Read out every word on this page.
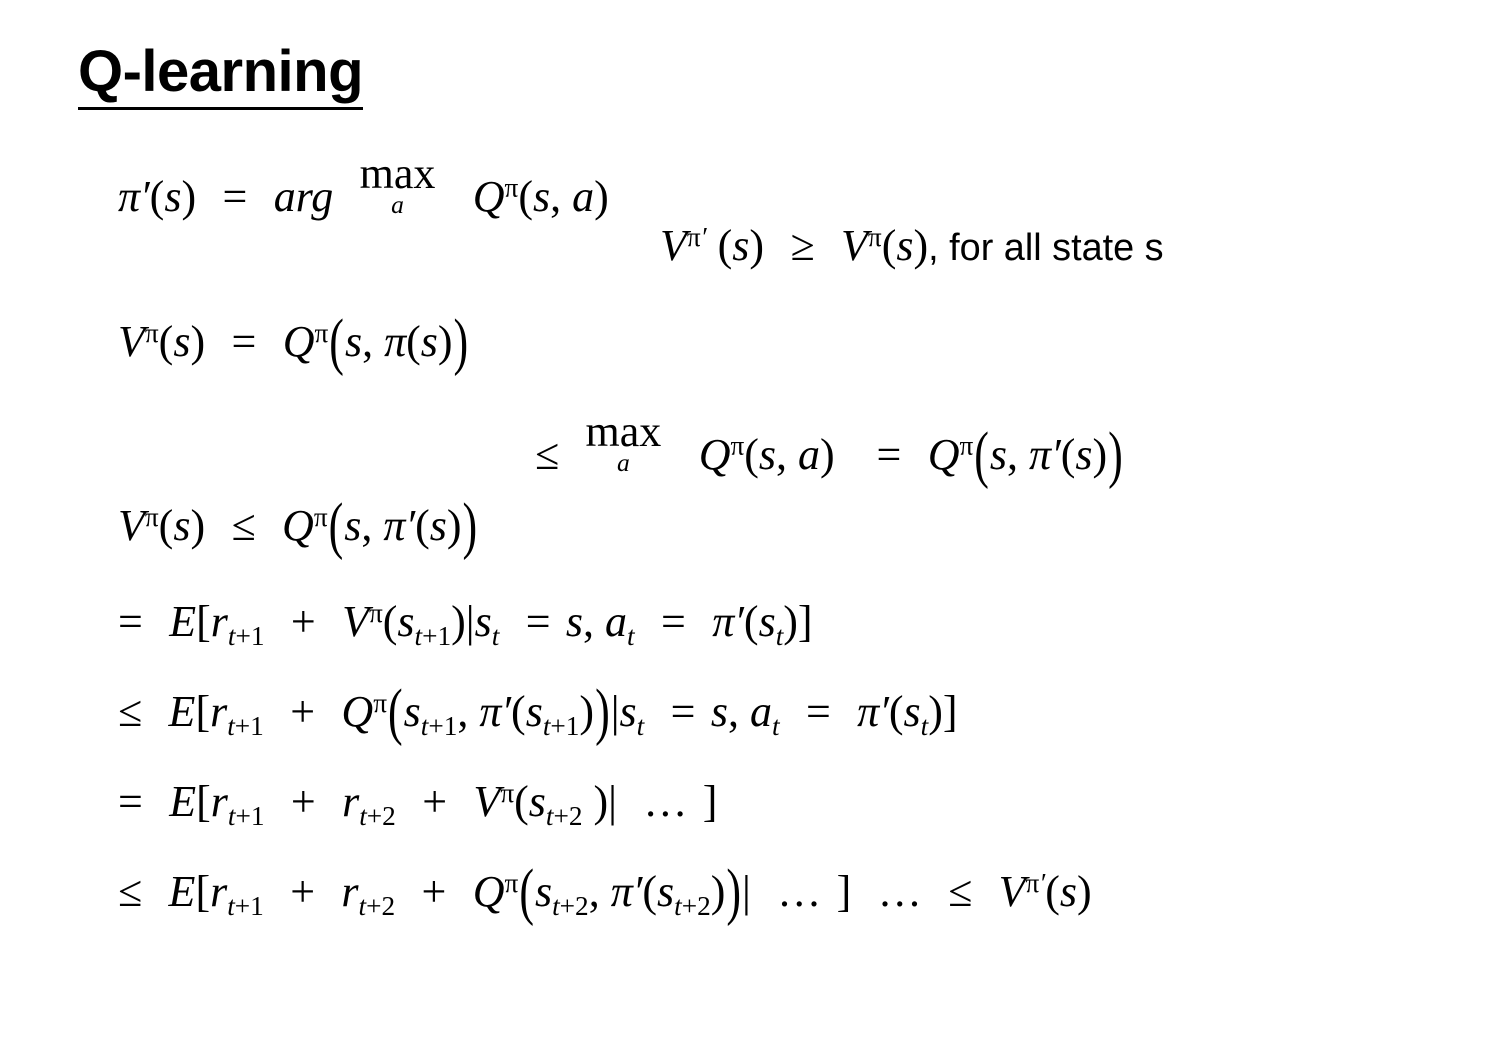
Q-learning
π′(s) = arg max
a	$Q^\pi(s$, a)
$V^{\pi'}$ $(s) \ge V^\pi(s)$, for all state s
$V^\pi(s) = Q^\pi(s$, π(s))
≤ max
a	$Q^\pi(s$, $a) = Q^\pi(s$, π′(s))
$V^\pi(s) \le Q^\pi(s$, π′(s))
= $E[r_{t+1} + V^\pi(s_{t+1})|s_t = s$, $a_t = \pi'(s_t)$]
≤ $E[r_{t+1} + Q^\pi(s_{t+1}$, $\pi'(s_{t+1}))|s_t = s$, $a_t = \pi'(s_t)$]
= $E[r_{t+1} + r_{t+2} + V^\pi(s_{t+2}$ )| … ]
≤ $E[r_{t+1} + r_{t+2} + Q^\pi(s_{t+2}$, $\pi'(s_{t+2}))|$ … ] … ≤ $V^{\pi'}(s)$
